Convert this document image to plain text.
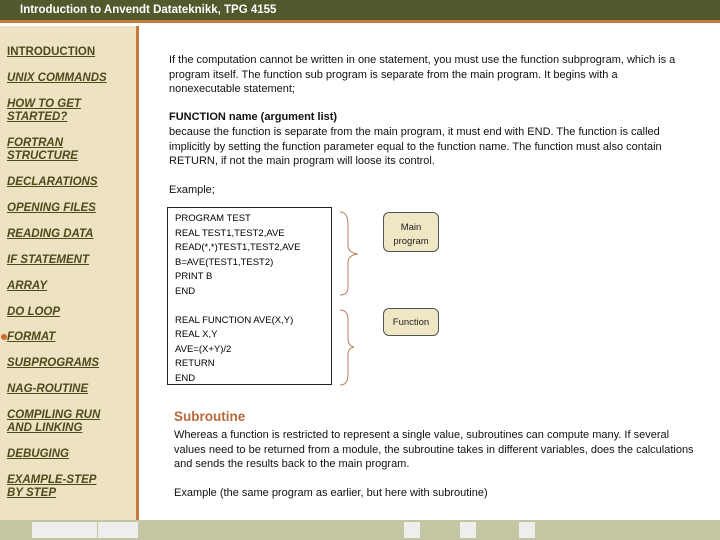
Introduction to Anvendt Datateknikk, TPG 4155
INTRODUCTION
UNIX COMMANDS
HOW TO GET STARTED?
FORTRAN STRUCTURE
DECLARATIONS
OPENING FILES
READING DATA
IF STATEMENT
ARRAY
DO LOOP
FORMAT
SUBPROGRAMS
NAG-ROUTINE
COMPILING RUN AND LINKING
DEBUGING
EXAMPLE-STEP BY STEP
If the computation cannot be written in one statement, you must use the function subprogram, which is a program itself. The function sub program is separate from the main program. It begins with a nonexecutable statement;
FUNCTION name (argument list)
because the function is separate from the main program, it must end with END. The function is called implicitly by setting the function parameter equal to the function name. The function must also contain RETURN, if not the main program will loose its control.
Example;
PROGRAM TEST
REAL TEST1,TEST2,AVE
READ(*,*)TEST1,TEST2,AVE
B=AVE(TEST1,TEST2)
PRINT B
END
REAL FUNCTION AVE(X,Y)
REAL X,Y
AVE=(X+Y)/2
RETURN
END
Main program
Function
Subroutine
Whereas a function is restricted to represent a single value, subroutines can compute many. If several values need to be returned from a module, the subroutine takes in different variables, does the calculations and sends the results back to the main program.
Example (the same program as earlier, but here with subroutine)
